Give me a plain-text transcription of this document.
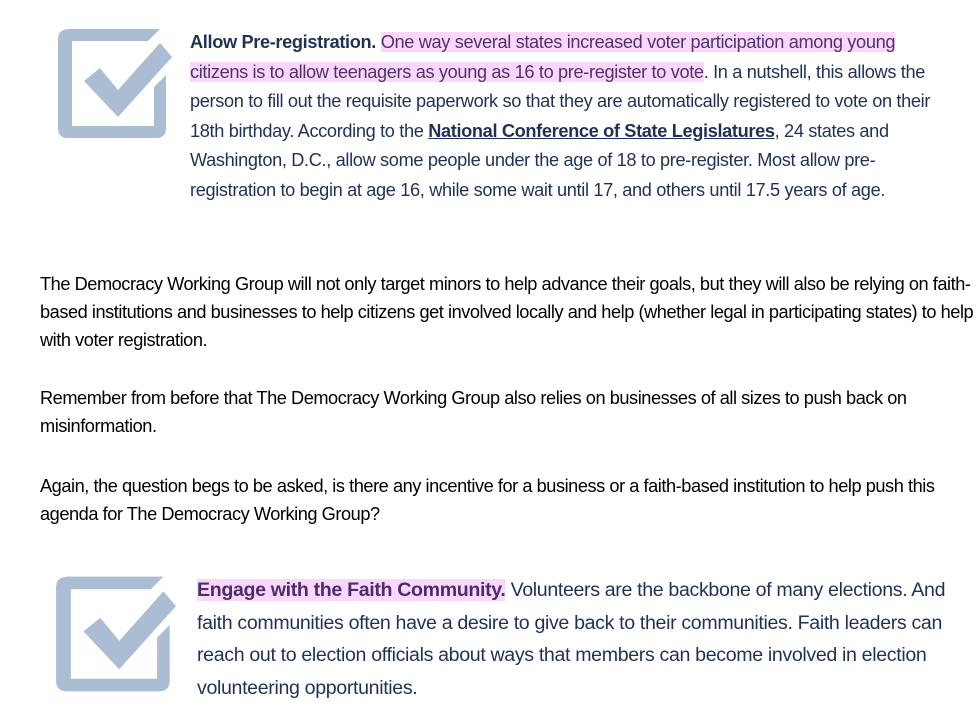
Allow Pre-registration. One way several states increased voter participation among young citizens is to allow teenagers as young as 16 to pre-register to vote. In a nutshell, this allows the person to fill out the requisite paperwork so that they are automatically registered to vote on their 18th birthday. According to the National Conference of State Legislatures, 24 states and Washington, D.C., allow some people under the age of 18 to pre-register. Most allow pre-registration to begin at age 16, while some wait until 17, and others until 17.5 years of age.
The Democracy Working Group will not only target minors to help advance their goals, but they will also be relying on faith-based institutions and businesses to help citizens get involved locally and help (whether legal in participating states) to help with voter registration.
Remember from before that The Democracy Working Group also relies on businesses of all sizes to push back on misinformation.
Again, the question begs to be asked, is there any incentive for a business or a faith-based institution to help push this agenda for The Democracy Working Group?
Engage with the Faith Community. Volunteers are the backbone of many elections. And faith communities often have a desire to give back to their communities. Faith leaders can reach out to election officials about ways that members can become involved in election volunteering opportunities.
